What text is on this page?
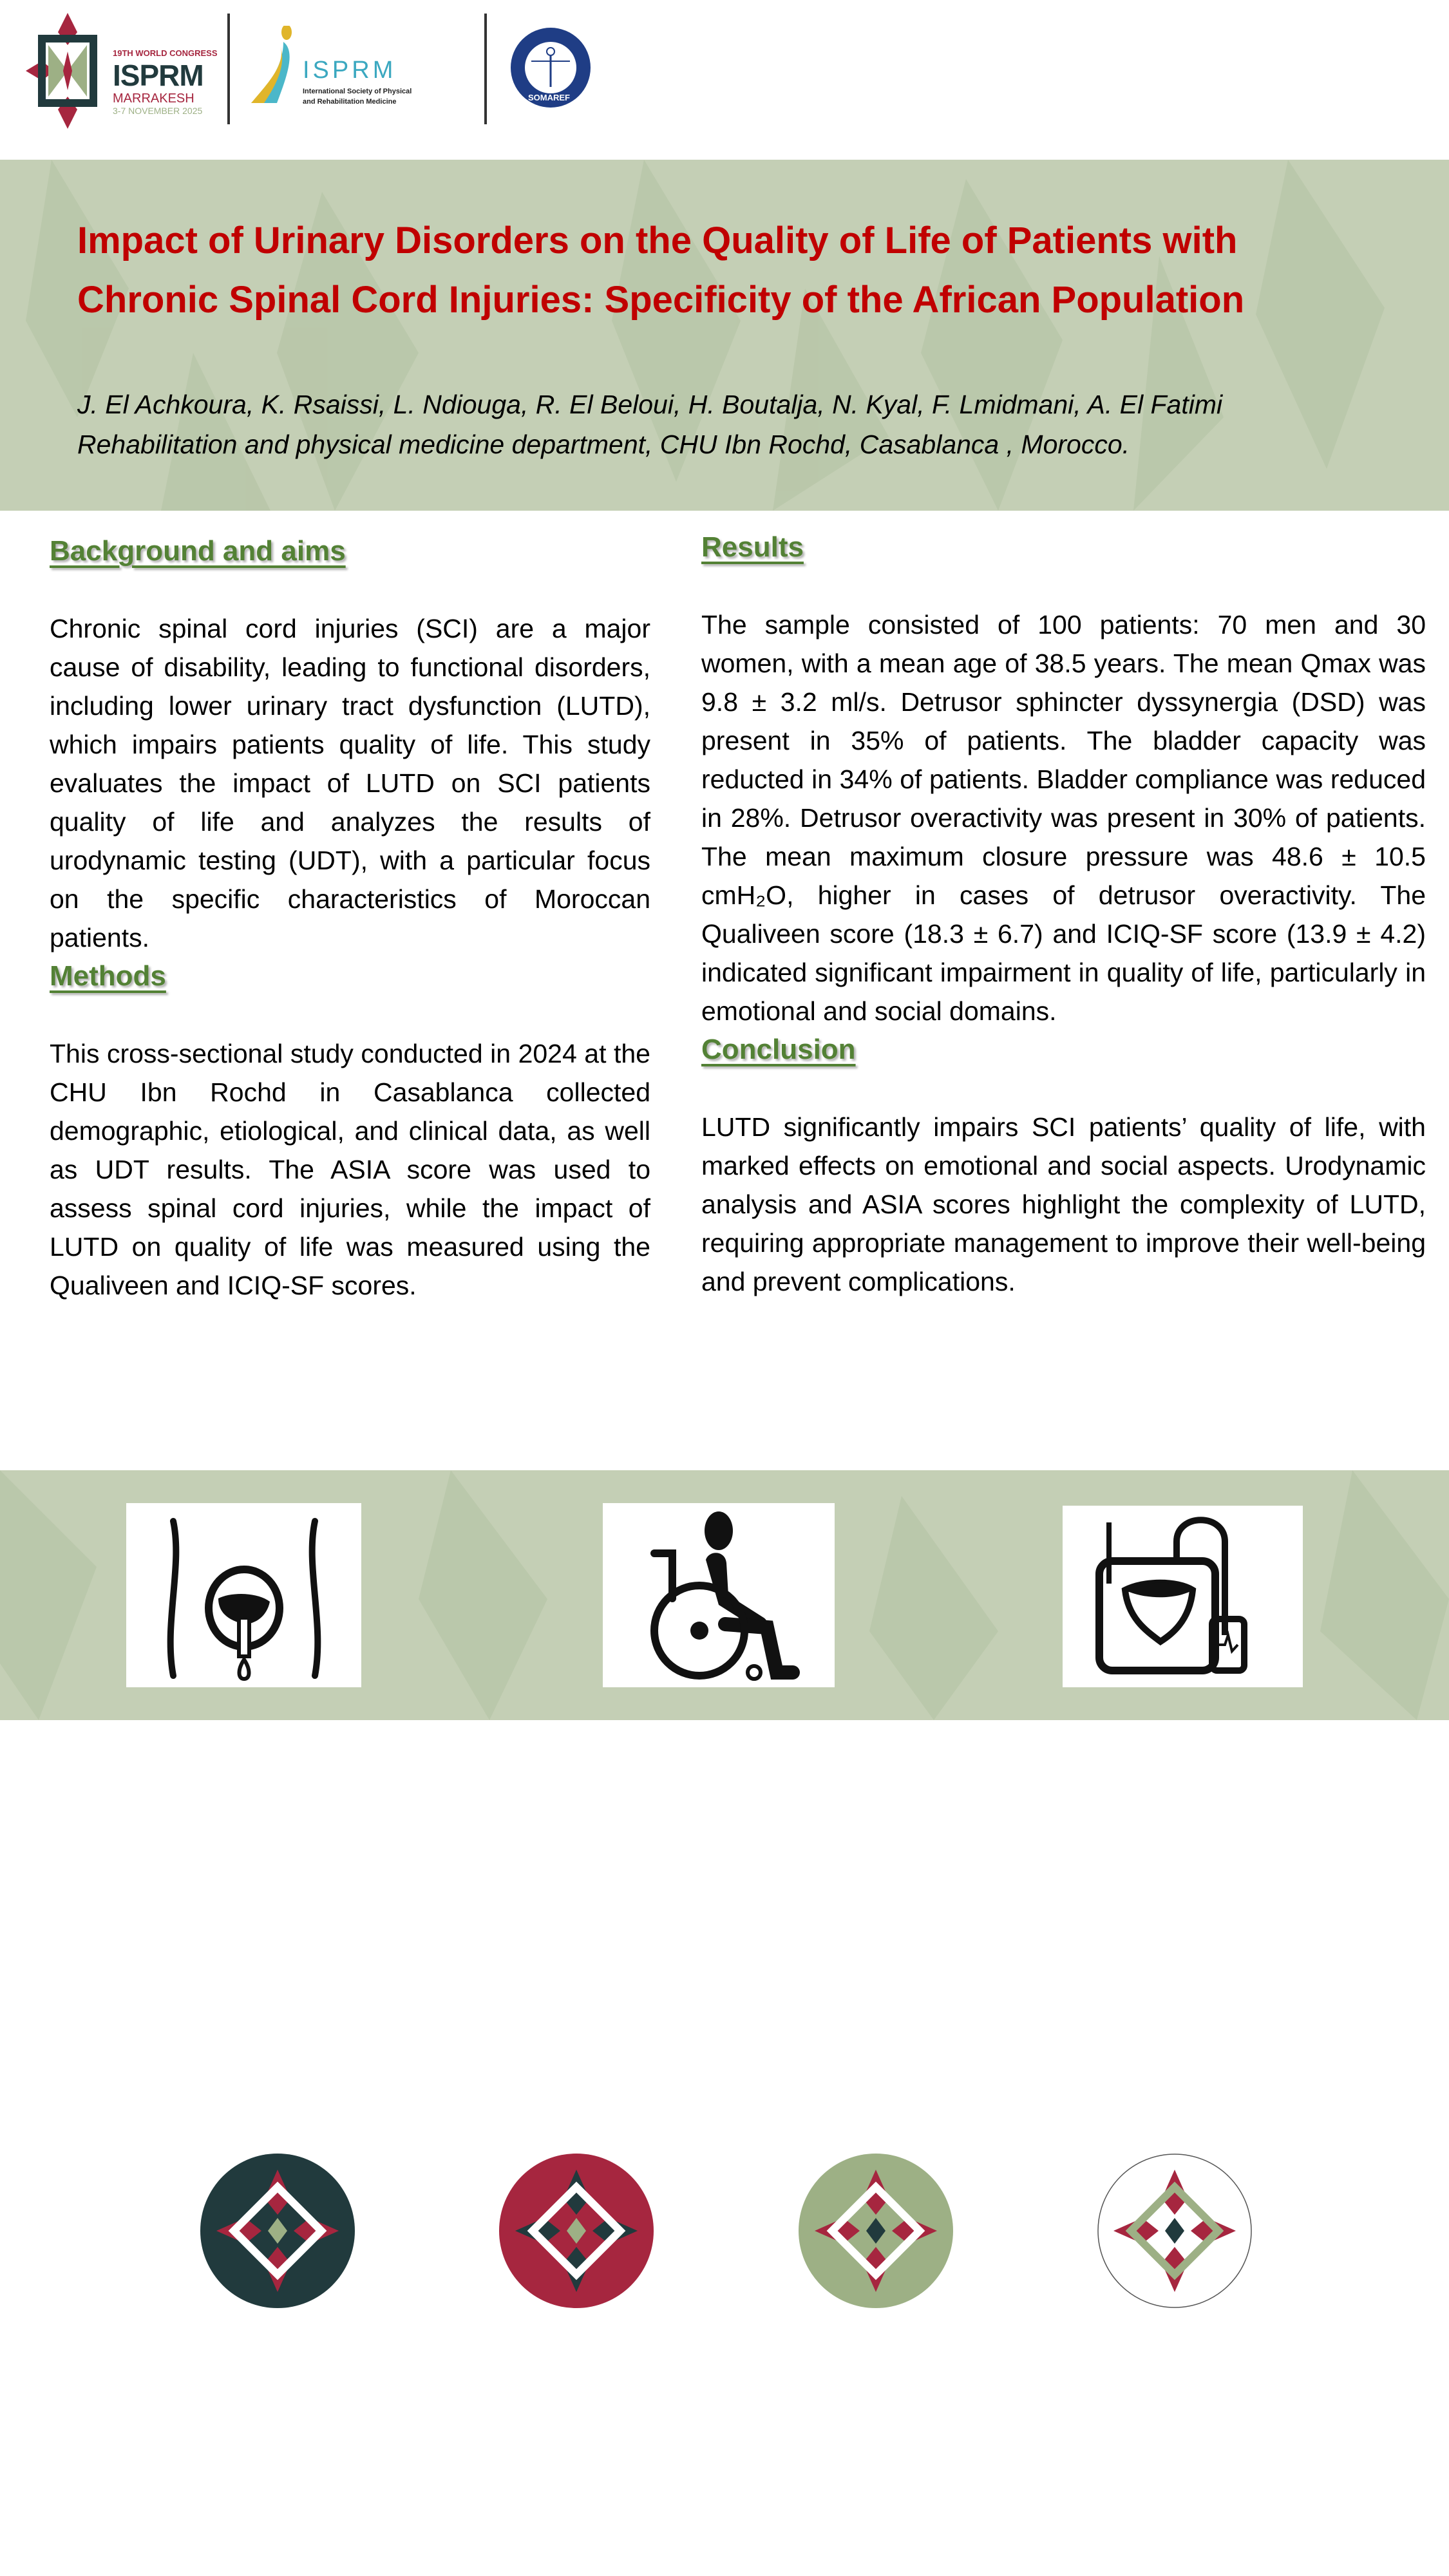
19TH WORLD CONGRESS
ISPRM
MARRAKESH
3-7 NOVEMBER 2025
ISPRM
International Society of Physical
and Rehabilitation Medicine	SOMAREF
Impact of Urinary Disorders on the Quality of Life of Patients with Chronic Spinal Cord Injuries: Specificity of the African Population
J. El Achkoura, K. Rsaissi, L. Ndiouga, R. El Beloui, H. Boutalja, N. Kyal, F. Lmidmani, A. El Fatimi
Rehabilitation and physical medicine department, CHU Ibn Rochd, Casablanca , Morocco.
Background and aims
Chronic spinal cord injuries (SCI) are a major cause of disability, leading to functional disorders, including lower urinary tract dysfunction (LUTD), which impairs patients quality of life. This study evaluates the impact of LUTD on SCI patients quality of life and analyzes the results of urodynamic testing (UDT), with a particular focus on the specific characteristics of Moroccan patients.
Methods
This cross-sectional study conducted in 2024 at the CHU Ibn Rochd in Casablanca collected demographic, etiological, and clinical data, as well as UDT results. The ASIA score was used to assess spinal cord injuries, while the impact of LUTD on quality of life was measured using the Qualiveen and ICIQ-SF scores.
Results
The sample consisted of 100 patients: 70 men and 30 women, with a mean age of 38.5 years. The mean Qmax was 9.8 ± 3.2 ml/s. Detrusor sphincter dyssynergia (DSD) was present in 35% of patients. The bladder capacity was reducted in 34% of patients. Bladder compliance was reduced in 28%. Detrusor overactivity was present in 30% of patients. The mean maximum closure pressure was 48.6 ± 10.5 cmH₂O, higher in cases of detrusor overactivity. The Qualiveen score (18.3 ± 6.7) and ICIQ-SF score (13.9 ± 4.2) indicated significant impairment in quality of life, particularly in emotional and social domains.
Conclusion
LUTD significantly impairs SCI patients’ quality of life, with marked effects on emotional and social aspects. Urodynamic analysis and ASIA scores highlight the complexity of LUTD, requiring appropriate management to improve their well-being and prevent complications.
